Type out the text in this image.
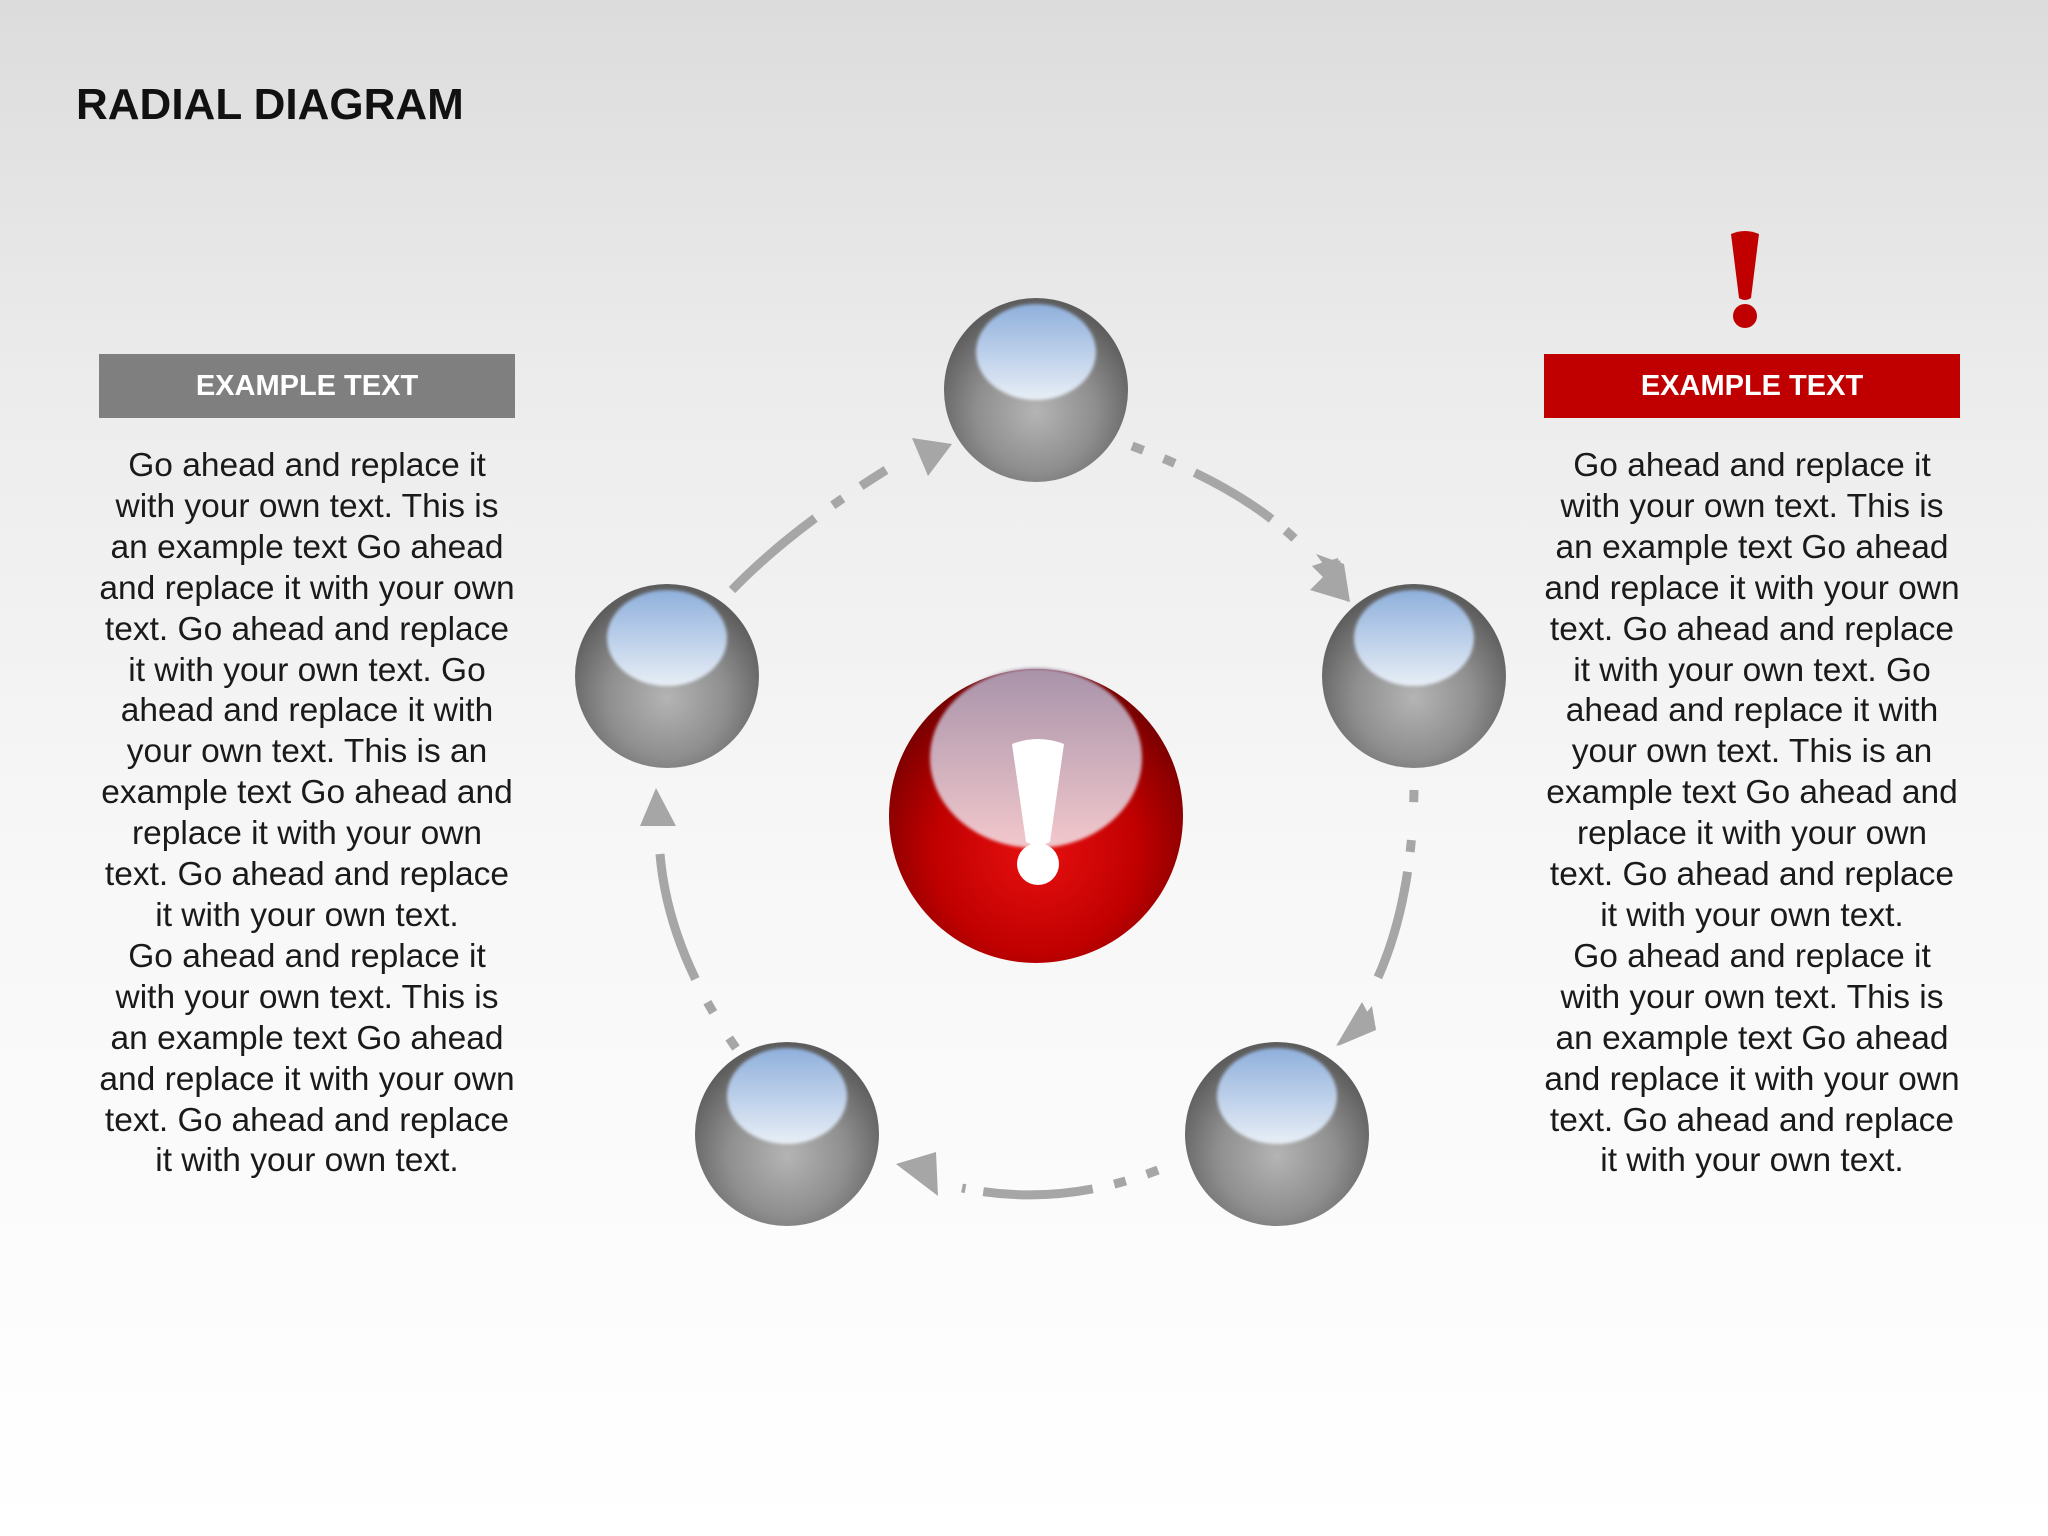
RADIAL DIAGRAM
EXAMPLE TEXT

Go ahead and replace it with your own text. This is an example text Go ahead and replace it with your own text. Go ahead and replace it with your own text. Go ahead and replace it with your own text. This is an example text Go ahead and replace it with your own text. Go ahead and replace it with your own text.

Go ahead and replace it with your own text. This is an example text Go ahead and replace it with your own text. Go ahead and replace it with your own text.

EXAMPLE TEXT

Go ahead and replace it with your own text. This is an example text Go ahead and replace it with your own text. Go ahead and replace it with your own text. Go ahead and replace it with your own text. This is an example text Go ahead and replace it with your own text. Go ahead and replace it with your own text.

Go ahead and replace it with your own text. This is an example text Go ahead and replace it with your own text. Go ahead and replace it with your own text.
